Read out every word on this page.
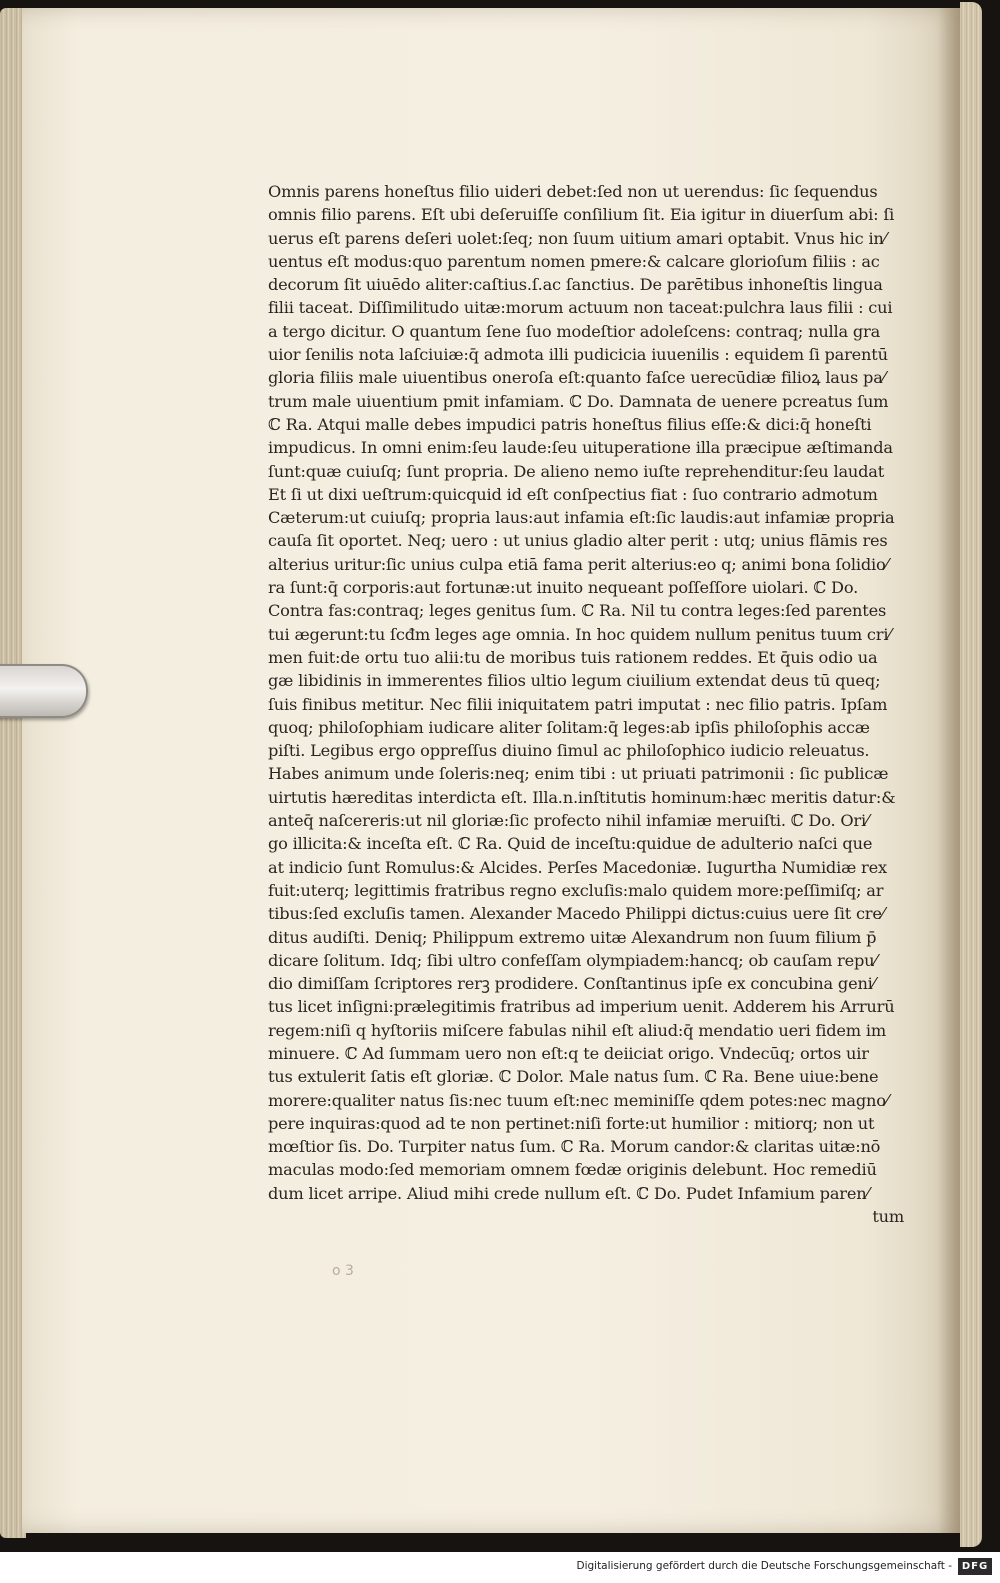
Omnis parens honeſtus filio uideri debet:ſed non ut uerendus: ſic ſequendus
omnis filio parens. Eſt ubi deſeruiſſe conſilium ſit. Eia igitur in diuerſum abi: ſi
uerus eſt parens deſeri uolet:ſeq; non ſuum uitium amari optabit. Vnus hic in⁄
uentus eſt modus:quo parentum nomen pmere:& calcare glorioſum filiis : ac
decorum ſit uiuēdo aliter:caſtius.ſ.ac ſanctius. De parētibus inhoneſtis lingua
filii taceat. Diſſimilitudo uitæ:morum actuum non taceat:pulchra laus filii : cui
a tergo dicitur. O quantum ſene ſuo modeſtior adoleſcens: contraq; nulla gra
uior ſenilis nota laſciuiæ:q̄ admota illi pudicicia iuuenilis : equidem ſi parentū
gloria filiis male uiuentibus oneroſa eſt:quanto faſce uerecūdiæ filioꝝ laus pa⁄
trum male uiuentium pmit infamiam. ℂ Do. Damnata de uenere pcreatus ſum
ℂ Ra. Atqui malle debes impudici patris honeſtus filius eſſe:& dici:q̄ honeſti
impudicus. In omni enim:ſeu laude:ſeu uituperatione illa præcipue æſtimanda
ſunt:quæ cuiuſq; ſunt propria. De alieno nemo iuſte reprehenditur:ſeu laudat
Et ſi ut dixi ueſtrum:quicquid id eſt conſpectius fiat : ſuo contrario admotum
Cæterum:ut cuiuſq; propria laus:aut infamia eſt:ſic laudis:aut infamiæ propria
cauſa ſit oportet. Neq; uero : ut unius gladio alter perit : utq; unius flāmis res
alterius uritur:ſic unius culpa etiā fama perit alterius:eo q; animi bona ſolidio⁄
ra ſunt:q̄ corporis:aut fortunæ:ut inuito nequeant poſſeſſore uiolari. ℂ Do.
Contra fas:contraq; leges genitus ſum. ℂ Ra. Nil tu contra leges:ſed parentes
tui ægerunt:tu ſcđm leges age omnia. In hoc quidem nullum penitus tuum cri⁄
men fuit:de ortu tuo alii:tu de moribus tuis rationem reddes. Et q̄uis odio ua
gæ libidinis in immerentes filios ultio legum ciuilium extendat deus tū queq;
ſuis finibus metitur. Nec filii iniquitatem patri imputat : nec filio patris. Ipſam
quoq; philoſophiam iudicare aliter ſolitam:q̄ leges:ab ipſis philoſophis accæ
piſti. Legibus ergo oppreſſus diuino ſimul ac philoſophico iudicio releuatus.
Habes animum unde ſoleris:neq; enim tibi : ut priuati patrimonii : ſic publicæ
uirtutis hæreditas interdicta eſt. Illa.n.inſtitutis hominum:hæc meritis datur:&
anteq̄ naſcereris:ut nil gloriæ:ſic profecto nihil infamiæ meruiſti. ℂ Do. Ori⁄
go illicita:& inceſta eſt. ℂ Ra. Quid de inceſtu:quidue de adulterio naſci que
at indicio ſunt Romulus:& Alcides. Perſes Macedoniæ. Iugurtha Numidiæ rex
fuit:uterq; legittimis fratribus regno excluſis:malo quidem more:peſſimiſq; ar
tibus:ſed excluſis tamen. Alexander Macedo Philippi dictus:cuius uere ſit cre⁄
ditus audiſti. Deniq; Philippum extremo uitæ Alexandrum non ſuum filium p̄
dicare ſolitum. Idq; ſibi ultro confeſſam olympiadem:hancq; ob cauſam repu⁄
dio dimiſſam ſcriptores rerꝫ prodidere. Conſtantinus ipſe ex concubina geni⁄
tus licet inſigni:prælegitimis fratribus ad imperium uenit. Adderem his Arrurū
regem:niſi q hyſtoriis miſcere fabulas nihil eſt aliud:q̄ mendatio ueri fidem im
minuere. ℂ Ad ſummam uero non eſt:q te deiiciat origo. Vndecūq; ortos uir
tus extulerit ſatis eſt gloriæ. ℂ Dolor. Male natus ſum. ℂ Ra. Bene uiue:bene
morere:qualiter natus ſis:nec tuum eſt:nec meminiſſe qdem potes:nec magno⁄
pere inquiras:quod ad te non pertinet:niſi forte:ut humilior : mitiorq; non ut
mœſtior ſis. Do. Turpiter natus ſum. ℂ Ra. Morum candor:& claritas uitæ:nō
maculas modo:ſed memoriam omnem fœdæ originis delebunt. Hoc remediū
dum licet arripe. Aliud mihi crede nullum eſt. ℂ Do. Pudet Infamium paren⁄
tum
o 3
Digitalisierung gefördert durch die Deutsche Forschungsgemeinschaft - DFG
